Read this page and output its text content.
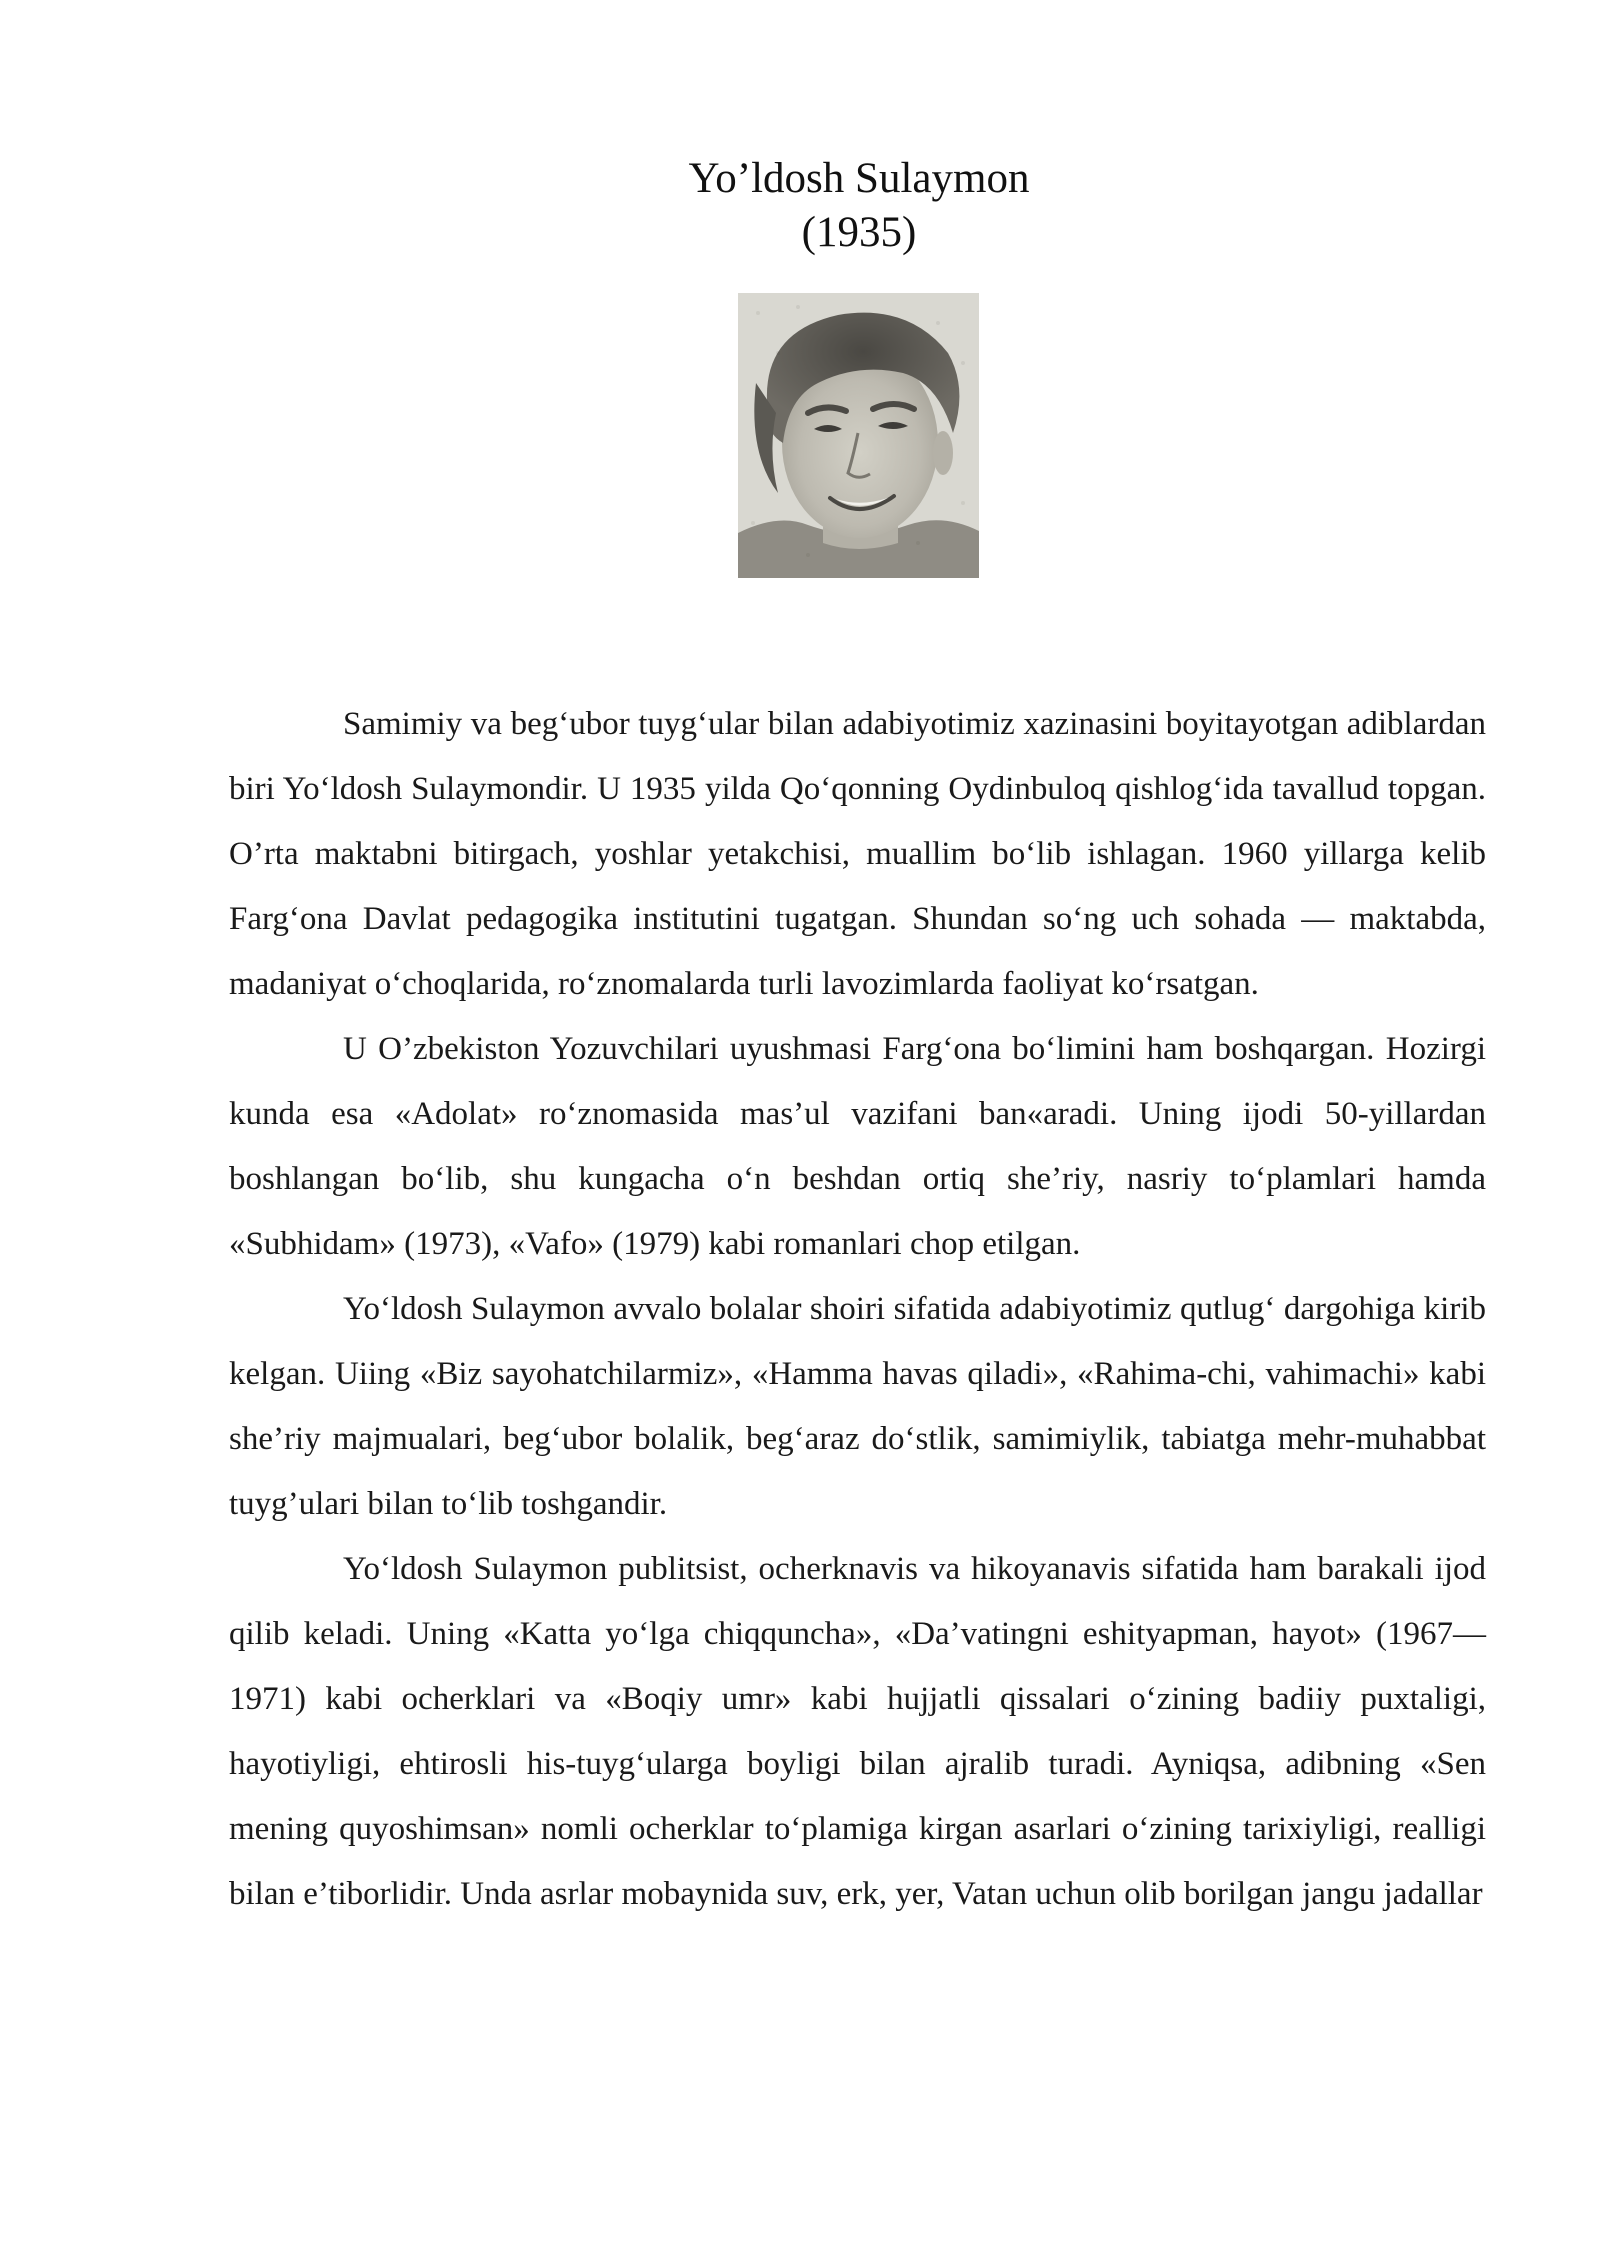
Yo’ldosh Sulaymon
(1935)

Samimiy va beg‘ubor tuyg‘ular bilan adabiyotimiz xazinasini boyitayotgan adiblardan biri Yo‘ldosh Sulaymondir. U 1935 yilda Qo‘qonning Oydinbuloq qishlog‘ida tavallud topgan. O’rta maktabni bitirgach, yoshlar yetakchisi, muallim bo‘lib ishlagan. 1960 yillarga kelib Farg‘ona Davlat pedagogika institutini tugatgan. Shundan so‘ng uch sohada — maktabda, madaniyat o‘choqlarida, ro‘znomalarda turli lavozimlarda faoliyat ko‘rsatgan.

U O’zbekiston Yozuvchilari uyushmasi Farg‘ona bo‘limini ham boshqargan. Hozirgi kunda esa «Adolat» ro‘znomasida mas’ul vazifani ban«aradi. Uning ijodi 50-yillardan boshlangan bo‘lib, shu kungacha o‘n beshdan ortiq she’riy, nasriy to‘plamlari hamda «Subhidam» (1973), «Vafo» (1979) kabi romanlari chop etilgan.

Yo‘ldosh Sulaymon avvalo bolalar shoiri sifatida adabiyotimiz qutlug‘ dargohiga kirib kelgan. Uiing «Biz sayohatchilarmiz», «Hamma havas qiladi», «Rahima-chi, vahimachi» kabi she’riy majmualari, beg‘ubor bolalik, beg‘araz do‘stlik, samimiylik, tabiatga mehr-muhabbat tuyg’ulari bilan to‘lib toshgandir.

Yo‘ldosh Sulaymon publitsist, ocherknavis va hikoyanavis sifatida ham barakali ijod qilib keladi. Uning «Katta yo‘lga chiqquncha», «Da’vatingni eshityapman, hayot» (1967—1971) kabi ocherklari va «Boqiy umr» kabi hujjatli qissalari o‘zining badiiy puxtaligi, hayotiyligi, ehtirosli his-tuyg‘ularga boyligi bilan ajralib turadi. Ayniqsa, adibning «Sen mening quyoshimsan» nomli ocherklar to‘plamiga kirgan asarlari o‘zining tarixiyligi, realligi bilan e’tiborlidir. Unda asrlar mobaynida suv, erk, yer, Vatan uchun olib borilgan jangu jadallar
